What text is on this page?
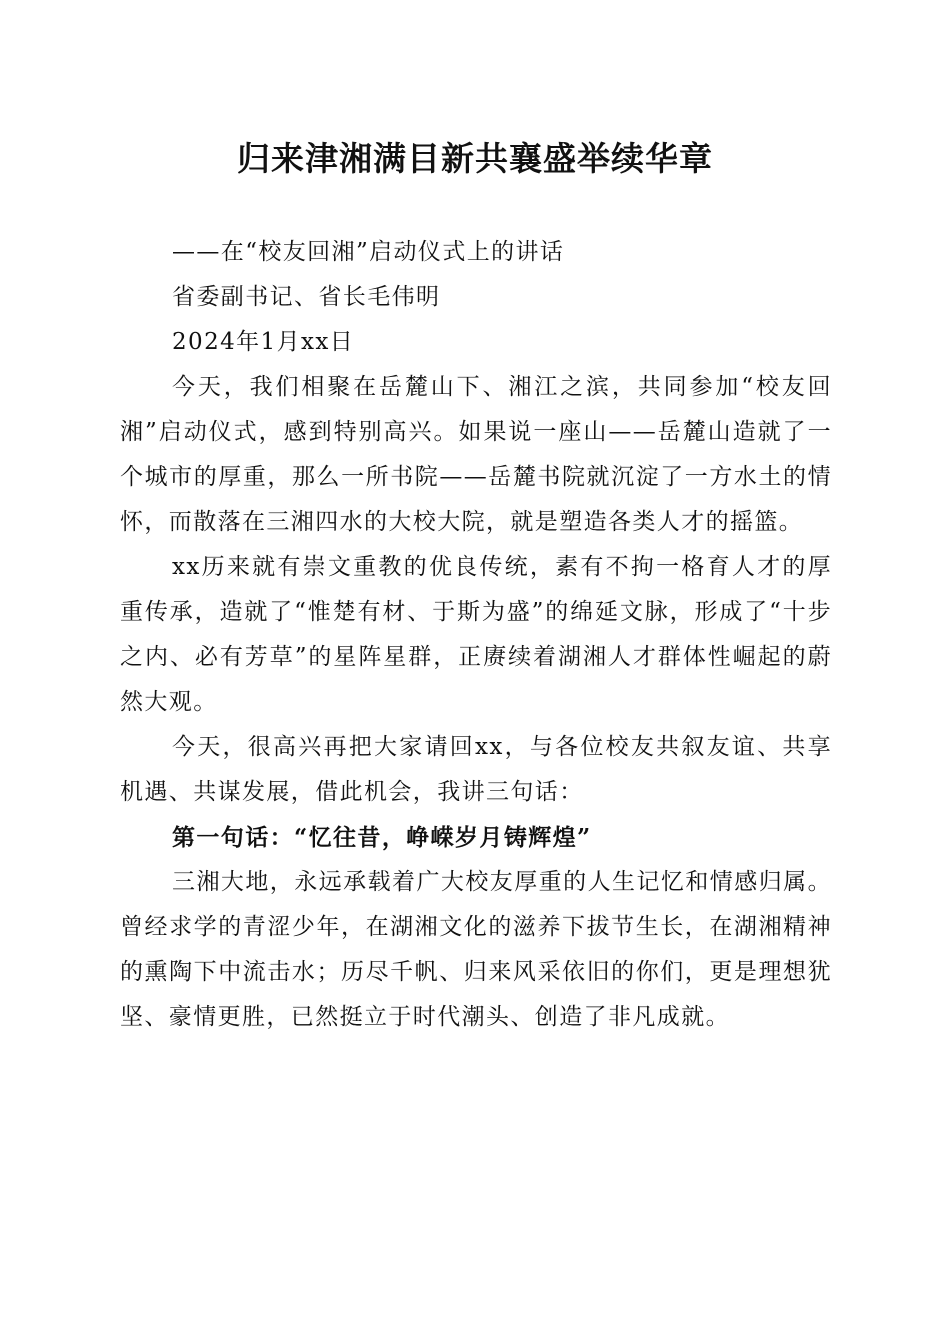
归来津湘满目新共襄盛举续华章

——在“校友回湘”启动仪式上的讲话

省委副书记、省长毛伟明

2024年1月xx日

今天，我们相聚在岳麓山下、湘江之滨，共同参加“校友回湘”启动仪式，感到特别高兴。如果说一座山——岳麓山造就了一个城市的厚重，那么一所书院——岳麓书院就沉淀了一方水土的情怀，而散落在三湘四水的大校大院，就是塑造各类人才的摇篮。

xx历来就有崇文重教的优良传统，素有不拘一格育人才的厚重传承，造就了“惟楚有材、于斯为盛”的绵延文脉，形成了“十步之内、必有芳草”的星阵星群，正赓续着湖湘人才群体性崛起的蔚然大观。

今天，很高兴再把大家请回xx，与各位校友共叙友谊、共享机遇、共谋发展，借此机会，我讲三句话：

第一句话：“忆往昔，峥嵘岁月铸辉煌”

三湘大地，永远承载着广大校友厚重的人生记忆和情感归属。曾经求学的青涩少年，在湖湘文化的滋养下拔节生长，在湖湘精神的熏陶下中流击水；历尽千帆、归来风采依旧的你们，更是理想犹坚、豪情更胜，已然挺立于时代潮头、创造了非凡成就。
